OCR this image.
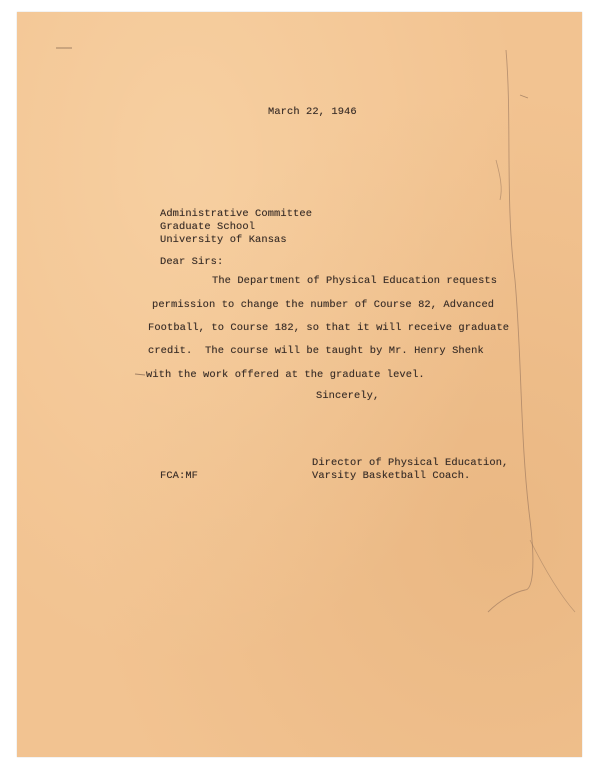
March 22, 1946
Administrative Committee
Graduate School
University of Kansas
Dear Sirs:
The Department of Physical Education requests
permission to change the number of Course 82, Advanced
Football, to Course 182, so that it will receive graduate
credit.  The course will be taught by Mr. Henry Shenk
with the work offered at the graduate level.
Sincerely,
Director of Physical Education,
Varsity Basketball Coach.
FCA:MF
